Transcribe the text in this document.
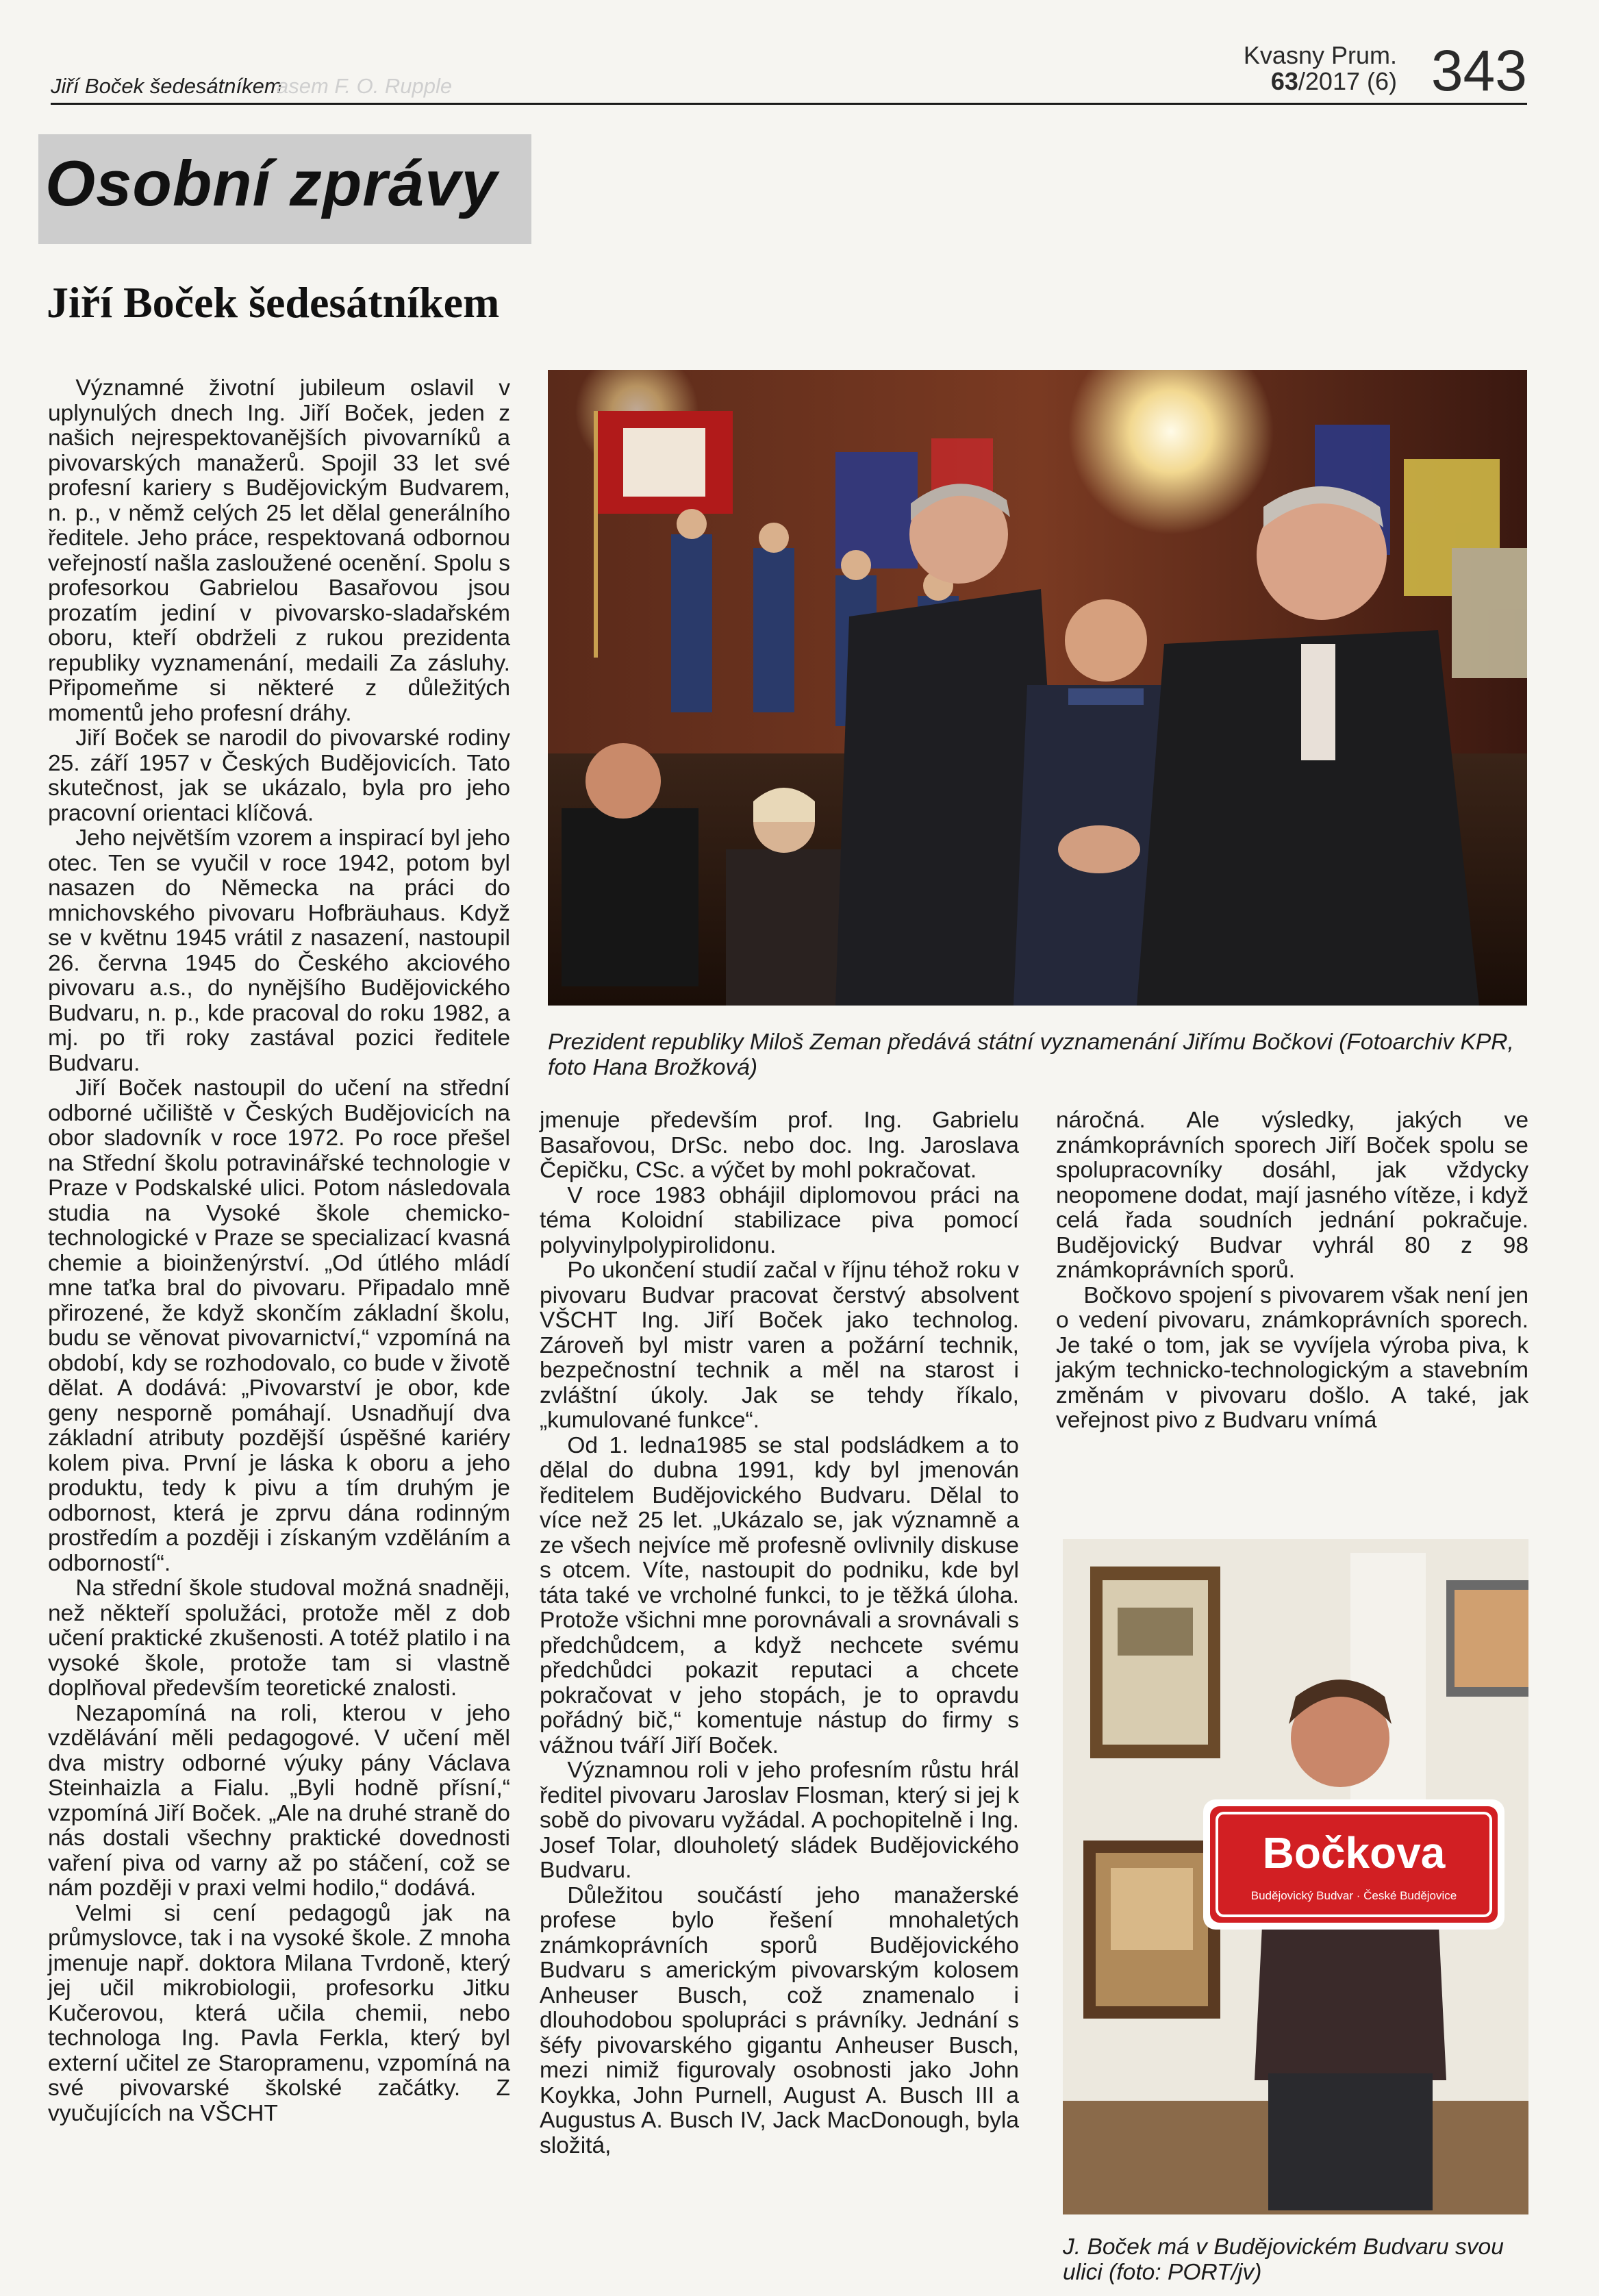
Jiří Boček šedesátníkem
asem F. O. Rupple
Kvasny Prum.
63/2017 (6) 343
Osobní zprávy
Jiří Boček šedesátníkem

Významné životní jubileum oslavil v uplynulých dnech Ing. Jiří Boček, jeden z našich nejrespektovanějších pivovarníků a pivovarských manažerů. Spojil 33 let své profesní kariery s Budějovickým Budvarem, n. p., v němž celých 25 let dělal generálního ředitele. Jeho práce, respektovaná odbornou veřejností našla zasloužené ocenění. Spolu s profesorkou Gabrielou Basařovou jsou prozatím jediní v pivovarsko-sladařském oboru, kteří obdrželi z rukou prezidenta republiky vyznamenání, medaili Za zásluhy. Připomeňme si některé z důležitých momentů jeho profesní dráhy.

Jiří Boček se narodil do pivovarské rodiny 25. září 1957 v Českých Budějovicích. Tato skutečnost, jak se ukázalo, byla pro jeho pracovní orientaci klíčová.

Jeho největším vzorem a inspirací byl jeho otec. Ten se vyučil v roce 1942, potom byl nasazen do Německa na práci do mnichovského pivovaru Hofbräuhaus. Když se v květnu 1945 vrátil z nasazení, nastoupil 26. června 1945 do Českého akciového pivovaru a.s., do nynějšího Budějovického Budvaru, n. p., kde pracoval do roku 1982, a mj. po tři roky zastával pozici ředitele Budvaru.

Jiří Boček nastoupil do učení na střední odborné učiliště v Českých Budějovicích na obor sladovník v roce 1972. Po roce přešel na Střední školu potravinářské technologie v Praze v Podskalské ulici. Potom následovala studia na Vysoké škole chemicko-technologické v Praze se specializací kvasná chemie a bioinženýrství. „Od útlého mládí mne taťka bral do pivovaru. Připadalo mně přirozené, že když skončím základní školu, budu se věnovat pivovarnictví,“ vzpomíná na období, kdy se rozhodovalo, co bude v životě dělat. A dodává: „Pivovarství je obor, kde geny nesporně pomáhají. Usnadňují dva základní atributy pozdější úspěšné kariéry kolem piva. První je láska k oboru a jeho produktu, tedy k pivu a tím druhým je odbornost, která je zprvu dána rodinným prostředím a později i získaným vzděláním a odborností“.

Na střední škole studoval možná snadněji, než někteří spolužáci, protože měl z dob učení praktické zkušenosti. A totéž platilo i na vysoké škole, protože tam si vlastně doplňoval především teoretické znalosti.

Nezapomíná na roli, kterou v jeho vzdělávání měli pedagogové. V učení měl dva mistry odborné výuky pány Václava Steinhaizla a Fialu. „Byli hodně přísní,“ vzpomíná Jiří Boček. „Ale na druhé straně do nás dostali všechny praktické dovednosti vaření piva od varny až po stáčení, což se nám později v praxi velmi hodilo,“ dodává.

Velmi si cení pedagogů jak na průmyslovce, tak i na vysoké škole. Z mnoha jmenuje např. doktora Milana Tvrdoně, který jej učil mikrobiologii, profesorku Jitku Kučerovou, která učila chemii, nebo technologa Ing. Pavla Ferkla, který byl externí učitel ze Staropramenu, vzpomíná na své pivovarské školské začátky. Z vyučujících na VŠCHT

Prezident republiky Miloš Zeman předává státní vyznamenání Jiřímu Bočkovi (Fotoarchiv KPR, foto Hana Brožková)

jmenuje především prof. Ing. Gabrielu Basařovou, DrSc. nebo doc. Ing. Jaroslava Čepičku, CSc. a výčet by mohl pokračovat.

V roce 1983 obhájil diplomovou práci na téma Koloidní stabilizace piva pomocí polyvinylpolypirolidonu.

Po ukončení studií začal v říjnu téhož roku v pivovaru Budvar pracovat čerstvý absolvent VŠCHT Ing. Jiří Boček jako technolog. Zároveň byl mistr varen a požární technik, bezpečnostní technik a měl na starost i zvláštní úkoly. Jak se tehdy říkalo, „kumulované funkce“.

Od 1. ledna1985 se stal podsládkem a to dělal do dubna 1991, kdy byl jmenován ředitelem Budějovického Budvaru. Dělal to více než 25 let. „Ukázalo se, jak významně a ze všech nejvíce mě profesně ovlivnily diskuse s otcem. Víte, nastoupit do podniku, kde byl táta také ve vrcholné funkci, to je těžká úloha. Protože všichni mne porovnávali a srovnávali s předchůdcem, a když nechcete svému předchůdci pokazit reputaci a chcete pokračovat v jeho stopách, je to opravdu pořádný bič,“ komentuje nástup do firmy s vážnou tváří Jiří Boček.

Významnou roli v jeho profesním růstu hrál ředitel pivovaru Jaroslav Flosman, který si jej k sobě do pivovaru vyžádal. A pochopitelně i Ing. Josef Tolar, dlouholetý sládek Budějovického Budvaru.

Důležitou součástí jeho manažerské profese bylo řešení mnohaletých známkoprávních sporů Budějovického Budvaru s americkým pivovarským kolosem Anheuser Busch, což znamenalo i dlouhodobou spolupráci s právníky. Jednání s šéfy pivovarského gigantu Anheuser Busch, mezi nimiž figurovaly osobnosti jako John Koykka, John Purnell, August A. Busch III a Augustus A. Busch IV, Jack MacDonough, byla složitá,

náročná. Ale výsledky, jakých ve známkoprávních sporech Jiří Boček spolu se spolupracovníky dosáhl, jak vždycky neopomene dodat, mají jasného vítěze, i když celá řada soudních jednání pokračuje. Budějovický Budvar vyhrál 80 z 98 známkoprávních sporů.

Bočkovo spojení s pivovarem však není jen o vedení pivovaru, známkoprávních sporech. Je také o tom, jak se vyvíjela výroba piva, k jakým technicko-technologickým a stavebním změnám v pivovaru došlo. A také, jak veřejnost pivo z Budvaru vnímá

Bočkova
Budějovický Budvar · České Budějovice
J. Boček má v Budějovickém Budvaru svou ulici (foto: PORT/jv)
